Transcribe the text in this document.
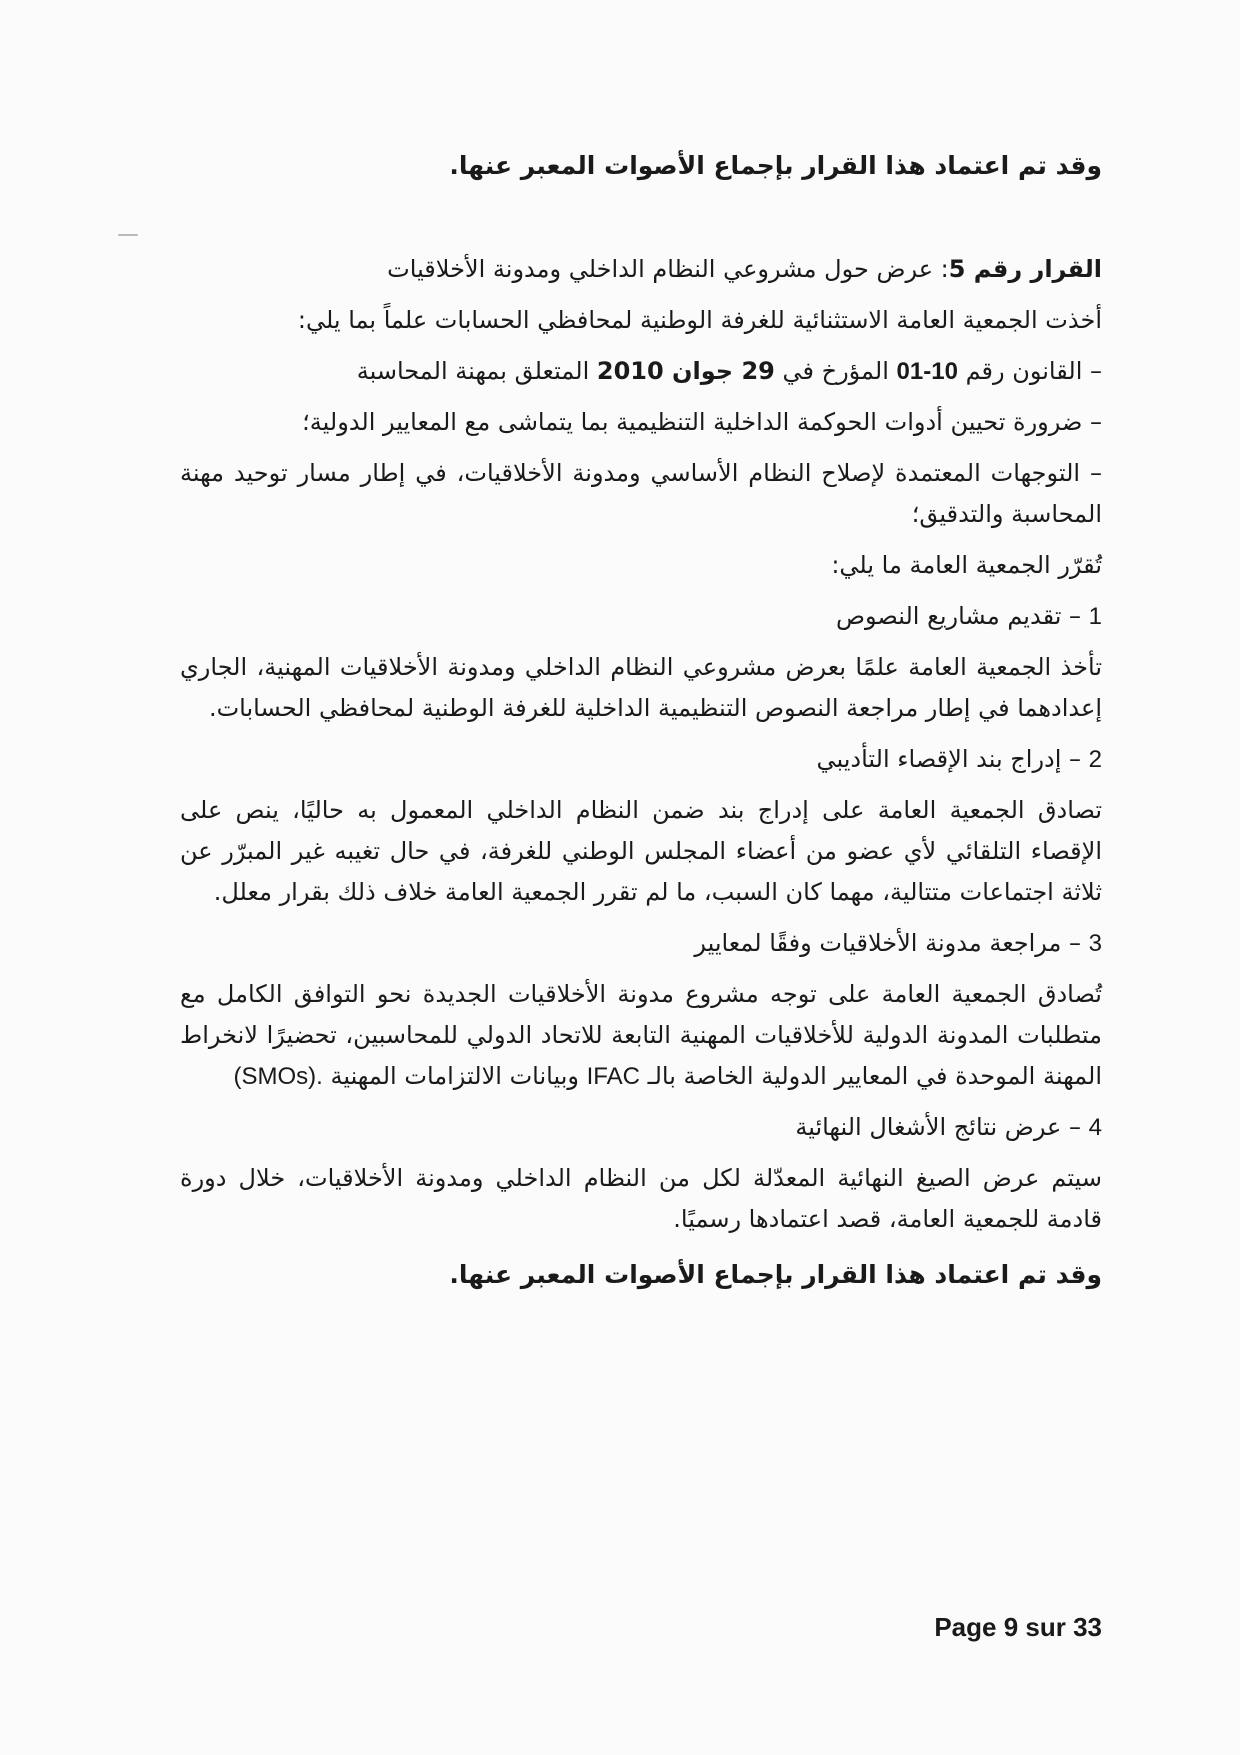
وقد تم اعتماد هذا القرار بإجماع الأصوات المعبر عنها.

القرار رقم 5: عرض حول مشروعي النظام الداخلي ومدونة الأخلاقيات

أخذت الجمعية العامة الاستثنائية للغرفة الوطنية لمحافظي الحسابات علماً بما يلي:

– القانون رقم 01-10 المؤرخ في 29 جوان 2010 المتعلق بمهنة المحاسبة

– ضرورة تحيين أدوات الحوكمة الداخلية التنظيمية بما يتماشى مع المعايير الدولية؛

– التوجهات المعتمدة لإصلاح النظام الأساسي ومدونة الأخلاقيات، في إطار مسار توحيد مهنة المحاسبة والتدقيق؛

تُقرّر الجمعية العامة ما يلي:

1 – تقديم مشاريع النصوص

تأخذ الجمعية العامة علمًا بعرض مشروعي النظام الداخلي ومدونة الأخلاقيات المهنية، الجاري إعدادهما في إطار مراجعة النصوص التنظيمية الداخلية للغرفة الوطنية لمحافظي الحسابات.

2 – إدراج بند الإقصاء التأديبي

تصادق الجمعية العامة على إدراج بند ضمن النظام الداخلي المعمول به حاليًا، ينص على الإقصاء التلقائي لأي عضو من أعضاء المجلس الوطني للغرفة، في حال تغيبه غير المبرّر عن ثلاثة اجتماعات متتالية، مهما كان السبب، ما لم تقرر الجمعية العامة خلاف ذلك بقرار معلل.

3 – مراجعة مدونة الأخلاقيات وفقًا لمعايير

تُصادق الجمعية العامة على توجه مشروع مدونة الأخلاقيات الجديدة نحو التوافق الكامل مع متطلبات المدونة الدولية للأخلاقيات المهنية التابعة للاتحاد الدولي للمحاسبين، تحضيرًا لانخراط المهنة الموحدة في المعايير الدولية الخاصة بالـ IFAC وبيانات الالتزامات المهنية (SMOs).

4 – عرض نتائج الأشغال النهائية

سيتم عرض الصيغ النهائية المعدّلة لكل من النظام الداخلي ومدونة الأخلاقيات، خلال دورة قادمة للجمعية العامة، قصد اعتمادها رسميًا.

وقد تم اعتماد هذا القرار بإجماع الأصوات المعبر عنها.

Page 9 sur 33
